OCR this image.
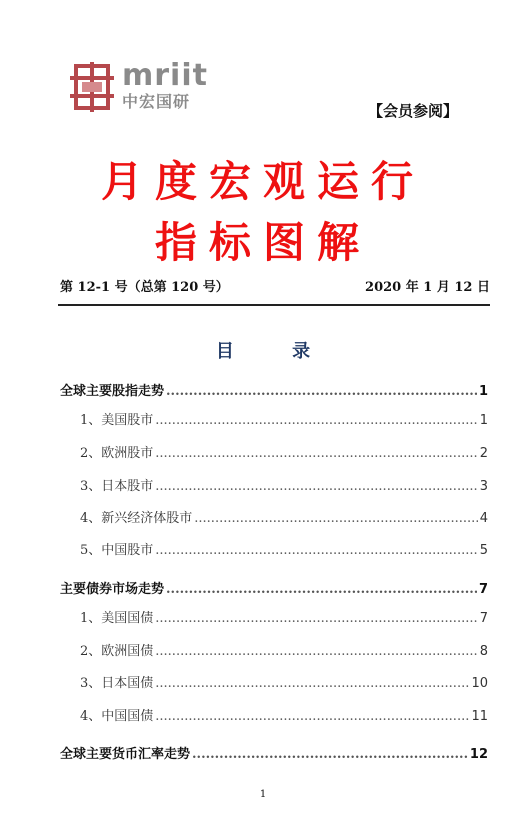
mriit
中宏国研	【会员参阅】
月度宏观运行
指标图解
第 12-1 号（总第 120 号）	2020 年 1 月 12 日
目 录
全球主要股指走势 .....	1
1、美国股市 .....	1
2、欧洲股市 .....	2
3、日本股市 .....	3
4、新兴经济体股市 .....	4
5、中国股市 .....	5
主要债券市场走势 .....	7
1、美国国债 .....	7
2、欧洲国债 .....	8
3、日本国债 .....	10
4、中国国债 .....	11
全球主要货币汇率走势 .....	12
1
